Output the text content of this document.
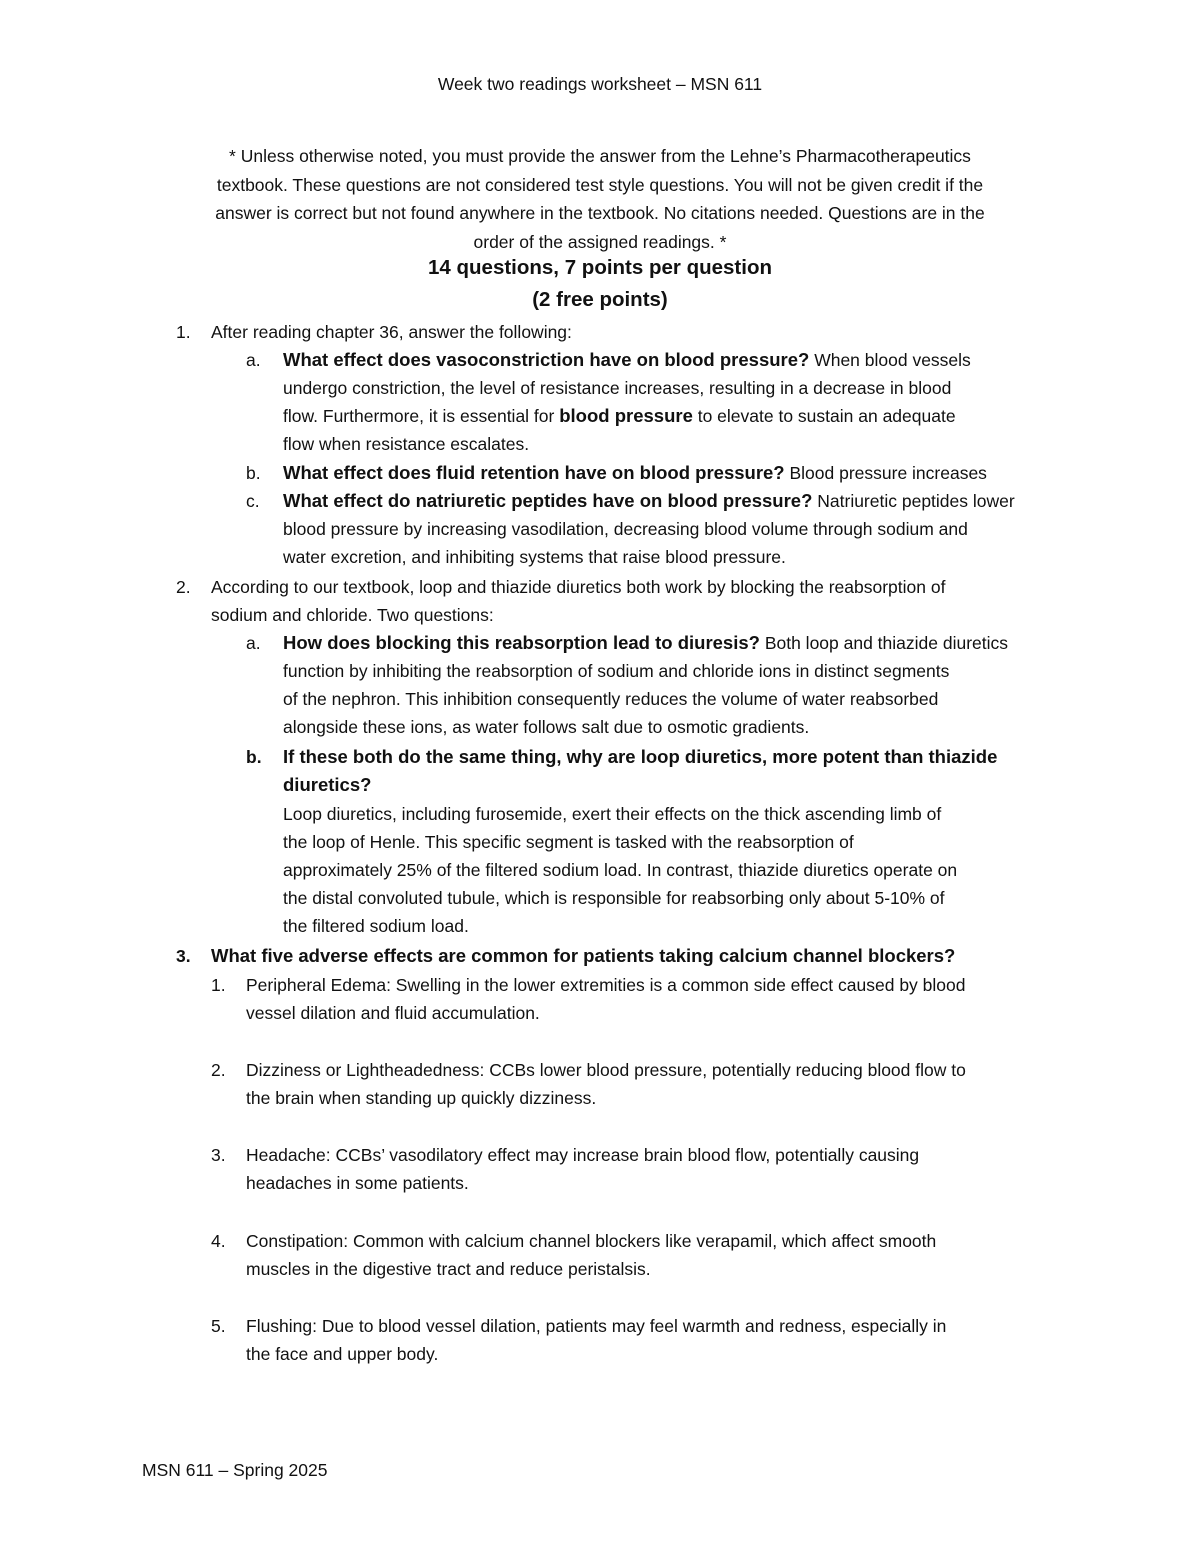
Week two readings worksheet – MSN 611
* Unless otherwise noted, you must provide the answer from the Lehne’s Pharmacotherapeutics
textbook. These questions are not considered test style questions. You will not be given credit if the
answer is correct but not found anywhere in the textbook. No citations needed. Questions are in the
order of the assigned readings. *
14 questions, 7 points per question
(2 free points)
1. After reading chapter 36, answer the following:
a. What effect does vasoconstriction have on blood pressure? When blood vessels
undergo constriction, the level of resistance increases, resulting in a decrease in blood
flow. Furthermore, it is essential for blood pressure to elevate to sustain an adequate
flow when resistance escalates.
b. What effect does fluid retention have on blood pressure? Blood pressure increases
c. What effect do natriuretic peptides have on blood pressure? Natriuretic peptides lower
blood pressure by increasing vasodilation, decreasing blood volume through sodium and
water excretion, and inhibiting systems that raise blood pressure.
2. According to our textbook, loop and thiazide diuretics both work by blocking the reabsorption of
sodium and chloride. Two questions:
a. How does blocking this reabsorption lead to diuresis? Both loop and thiazide diuretics
function by inhibiting the reabsorption of sodium and chloride ions in distinct segments
of the nephron. This inhibition consequently reduces the volume of water reabsorbed
alongside these ions, as water follows salt due to osmotic gradients.
b. If these both do the same thing, why are loop diuretics, more potent than thiazide
diuretics?
Loop diuretics, including furosemide, exert their effects on the thick ascending limb of
the loop of Henle. This specific segment is tasked with the reabsorption of
approximately 25% of the filtered sodium load. In contrast, thiazide diuretics operate on
the distal convoluted tubule, which is responsible for reabsorbing only about 5-10% of
the filtered sodium load.
3. What five adverse effects are common for patients taking calcium channel blockers?
1. Peripheral Edema: Swelling in the lower extremities is a common side effect caused by blood
vessel dilation and fluid accumulation.
2. Dizziness or Lightheadedness: CCBs lower blood pressure, potentially reducing blood flow to
the brain when standing up quickly dizziness.
3. Headache: CCBs’ vasodilatory effect may increase brain blood flow, potentially causing
headaches in some patients.
4. Constipation: Common with calcium channel blockers like verapamil, which affect smooth
muscles in the digestive tract and reduce peristalsis.
5. Flushing: Due to blood vessel dilation, patients may feel warmth and redness, especially in
the face and upper body.
MSN 611 – Spring 2025
